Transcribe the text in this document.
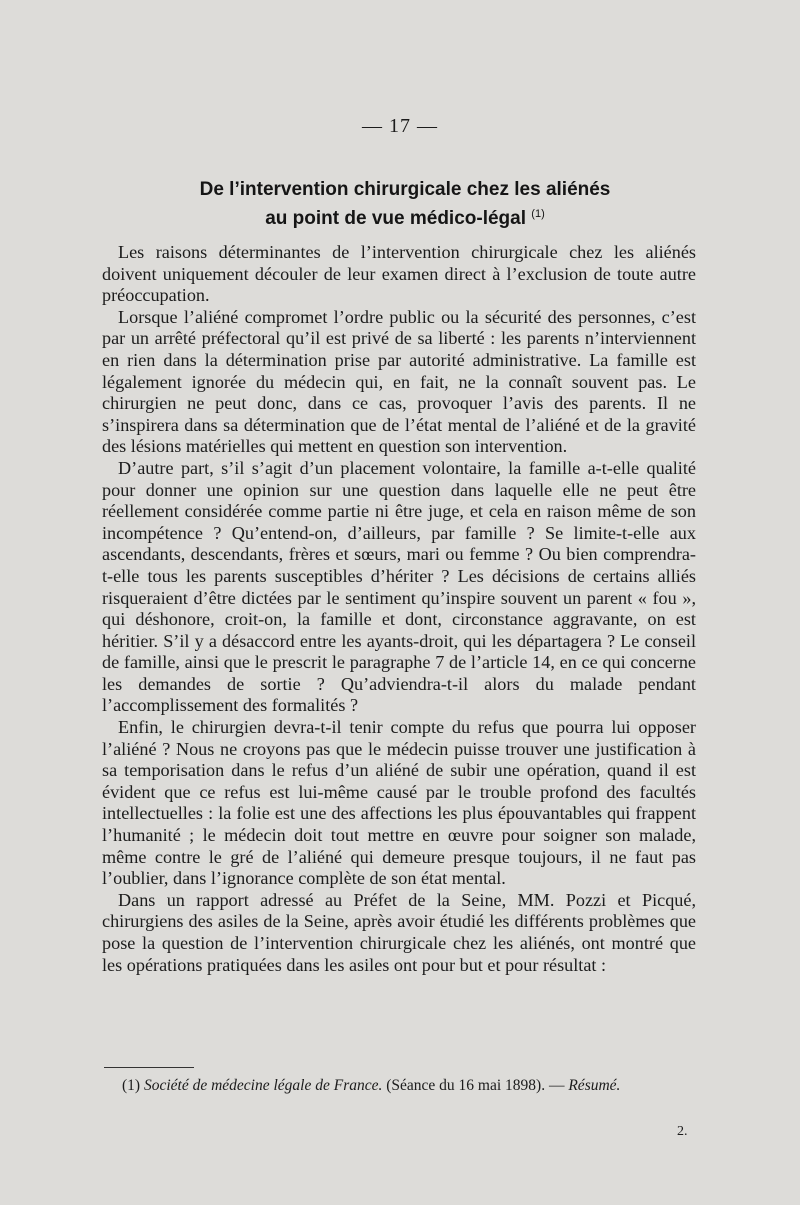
— 17 —
De l’intervention chirurgicale chez les aliénés
au point de vue médico-légal $^{(1)}$

Les raisons déterminantes de l’intervention chirurgicale chez les aliénés doivent uniquement découler de leur examen direct à l’exclusion de toute autre préoccupation.

Lorsque l’aliéné compromet l’ordre public ou la sécurité des personnes, c’est par un arrêté préfectoral qu’il est privé de sa liberté : les parents n’interviennent en rien dans la détermination prise par autorité administrative. La famille est légalement ignorée du médecin qui, en fait, ne la connaît souvent pas. Le chirurgien ne peut donc, dans ce cas, provoquer l’avis des parents. Il ne s’inspirera dans sa détermination que de l’état mental de l’aliéné et de la gravité des lésions matérielles qui mettent en question son intervention.

D’autre part, s’il s’agit d’un placement volontaire, la famille a-t-elle qualité pour donner une opinion sur une question dans laquelle elle ne peut être réellement considérée comme partie ni être juge, et cela en raison même de son incompétence ? Qu’entend-on, d’ailleurs, par famille ? Se limite-t-elle aux ascendants, descendants, frères et sœurs, mari ou femme ? Ou bien comprendra-t-elle tous les parents susceptibles d’hériter ? Les décisions de certains alliés risqueraient d’être dictées par le sentiment qu’inspire souvent un parent « fou », qui déshonore, croit-on, la famille et dont, circonstance aggravante, on est héritier. S’il y a désaccord entre les ayants-droit, qui les départagera ? Le conseil de famille, ainsi que le prescrit le paragraphe 7 de l’article 14, en ce qui concerne les demandes de sortie ? Qu’adviendra-t-il alors du malade pendant l’accomplissement des formalités ?

Enfin, le chirurgien devra-t-il tenir compte du refus que pourra lui opposer l’aliéné ? Nous ne croyons pas que le médecin puisse trouver une justification à sa temporisation dans le refus d’un aliéné de subir une opération, quand il est évident que ce refus est lui-même causé par le trouble profond des facultés intellectuelles : la folie est une des affections les plus épouvantables qui frappent l’humanité ; le médecin doit tout mettre en œuvre pour soigner son malade, même contre le gré de l’aliéné qui demeure presque toujours, il ne faut pas l’oublier, dans l’ignorance complète de son état mental.

Dans un rapport adressé au Préfet de la Seine, MM. Pozzi et Picqué, chirurgiens des asiles de la Seine, après avoir étudié les différents problèmes que pose la question de l’intervention chirurgicale chez les aliénés, ont montré que les opérations pratiquées dans les asiles ont pour but et pour résultat :

(1) Société de médecine légale de France. (Séance du 16 mai 1898). — Résumé.
2.
